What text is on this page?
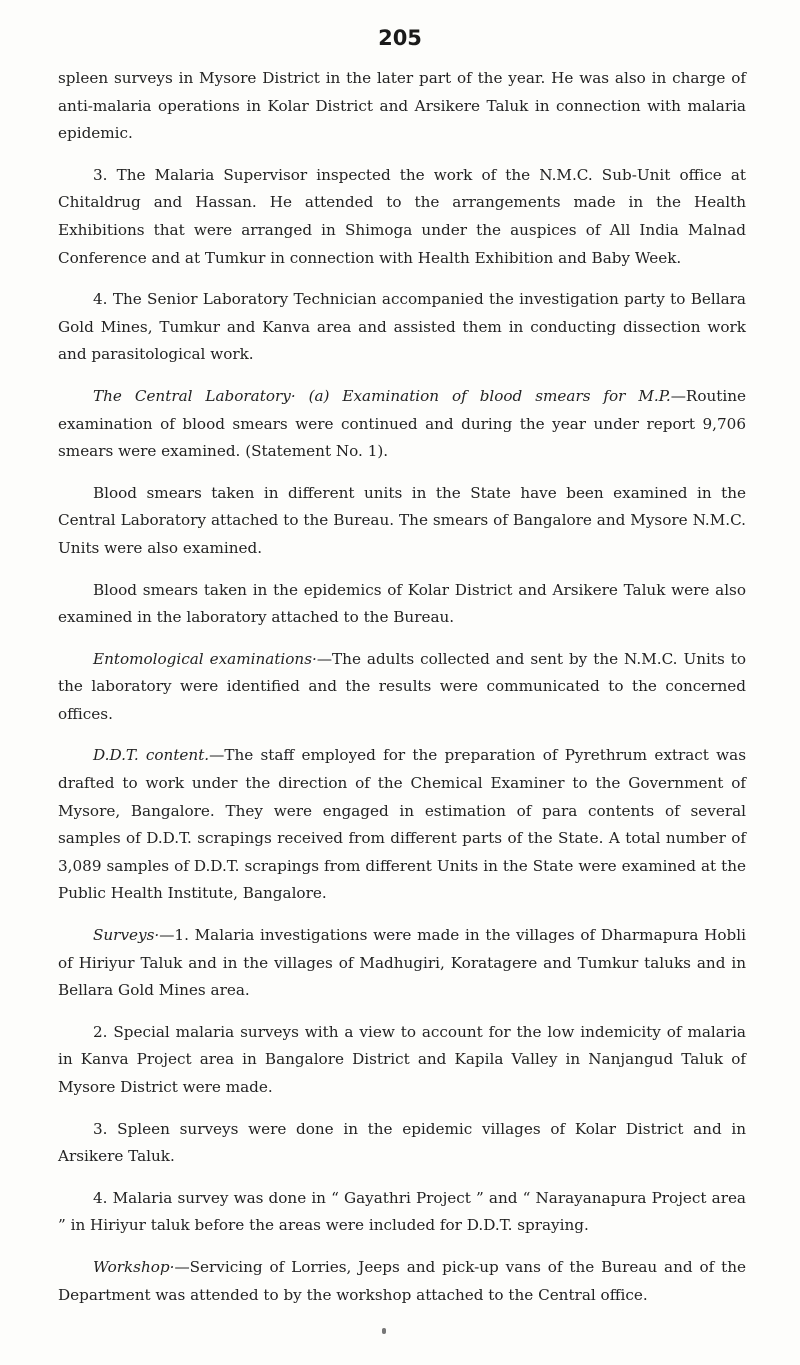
205

spleen surveys in Mysore District in the later part of the year. He was also in charge of anti-malaria operations in Kolar District and Arsikere Taluk in connection with malaria epidemic.

3. The Malaria Supervisor inspected the work of the N.M.C. Sub-Unit office at Chitaldrug and Hassan. He attended to the arrangements made in the Health Exhibitions that were arranged in Shimoga under the auspices of All India Malnad Conference and at Tumkur in connection with Health Exhibition and Baby Week.

4. The Senior Laboratory Technician accompanied the investigation party to Bellara Gold Mines, Tumkur and Kanva area and assisted them in conducting dissection work and parasitological work.

The Central Laboratory· (a) Examination of blood smears for M.P.—Routine examination of blood smears were continued and during the year under report 9,706 smears were examined. (Statement No. 1).

Blood smears taken in different units in the State have been examined in the Central Laboratory attached to the Bureau. The smears of Bangalore and Mysore N.M.C. Units were also examined.

Blood smears taken in the epidemics of Kolar District and Arsikere Taluk were also examined in the laboratory attached to the Bureau.

Entomological examinations·—The adults collected and sent by the N.M.C. Units to the laboratory were identified and the results were communicated to the concerned offices.

D.D.T. content.—The staff employed for the preparation of Pyrethrum extract was drafted to work under the direction of the Chemical Examiner to the Government of Mysore, Bangalore. They were engaged in estimation of para contents of several samples of D.D.T. scrapings received from different parts of the State. A total number of 3,089 samples of D.D.T. scrapings from different Units in the State were examined at the Public Health Institute, Bangalore.

Surveys·—1. Malaria investigations were made in the villages of Dharmapura Hobli of Hiriyur Taluk and in the villages of Madhugiri, Koratagere and Tumkur taluks and in Bellara Gold Mines area.

2. Special malaria surveys with a view to account for the low indemicity of malaria in Kanva Project area in Bangalore District and Kapila Valley in Nanjangud Taluk of Mysore District were made.

3. Spleen surveys were done in the epidemic villages of Kolar District and in Arsikere Taluk.

4. Malaria survey was done in “ Gayathri Project ” and “ Narayanapura Project area ” in Hiriyur taluk before the areas were included for D.D.T. spraying.

Workshop·—Servicing of Lorries, Jeeps and pick-up vans of the Bureau and of the Department was attended to by the workshop attached to the Central office.
